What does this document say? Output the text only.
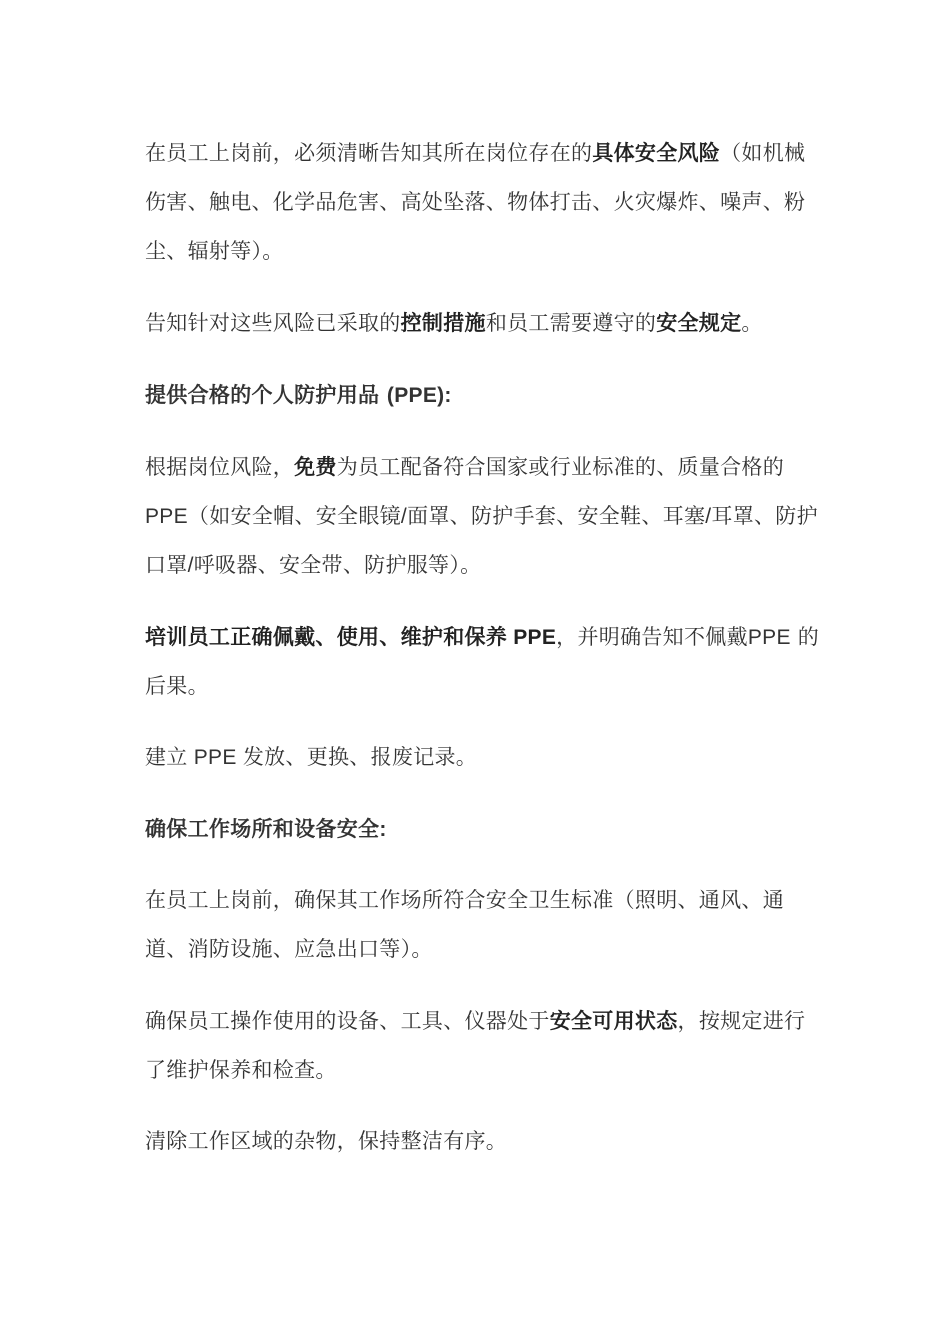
在员工上岗前，必须清晰告知其所在岗位存在的具体安全风险（如机械伤害、触电、化学品危害、高处坠落、物体打击、火灾爆炸、噪声、粉尘、辐射等）。

告知针对这些风险已采取的控制措施和员工需要遵守的安全规定。

提供合格的个人防护用品 (PPE):

根据岗位风险，免费为员工配备符合国家或行业标准的、质量合格的 PPE（如安全帽、安全眼镜/面罩、防护手套、安全鞋、耳塞/耳罩、防护口罩/呼吸器、安全带、防护服等）。

培训员工正确佩戴、使用、维护和保养 PPE，并明确告知不佩戴PPE 的后果。

建立 PPE 发放、更换、报废记录。

确保工作场所和设备安全:

在员工上岗前，确保其工作场所符合安全卫生标准（照明、通风、通道、消防设施、应急出口等）。

确保员工操作使用的设备、工具、仪器处于安全可用状态，按规定进行了维护保养和检查。

清除工作区域的杂物，保持整洁有序。
